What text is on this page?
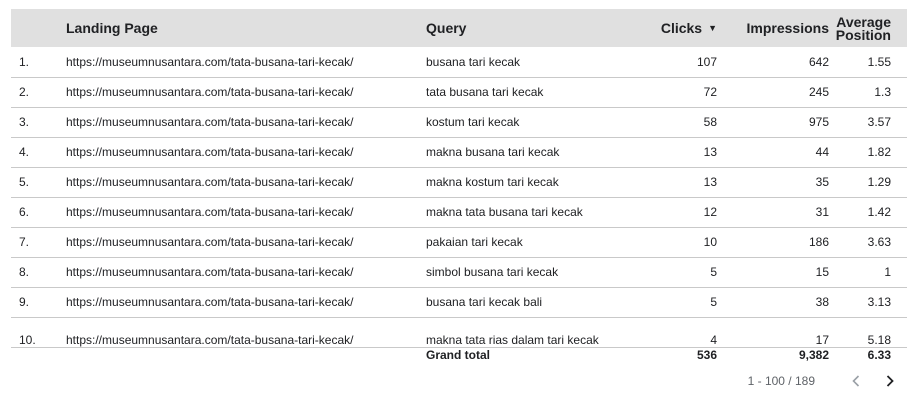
	Landing Page	Query	Clicks ▼	Impressions	Average
Position	
1.	https://museumnusantara.com/tata-busana-tari-kecak/	busana tari kecak	107	642	1.55	
2.	https://museumnusantara.com/tata-busana-tari-kecak/	tata busana tari kecak	72	245	1.3	
3.	https://museumnusantara.com/tata-busana-tari-kecak/	kostum tari kecak	58	975	3.57	
4.	https://museumnusantara.com/tata-busana-tari-kecak/	makna busana tari kecak	13	44	1.82	
5.	https://museumnusantara.com/tata-busana-tari-kecak/	makna kostum tari kecak	13	35	1.29	
6.	https://museumnusantara.com/tata-busana-tari-kecak/	makna tata busana tari kecak	12	31	1.42	
7.	https://museumnusantara.com/tata-busana-tari-kecak/	pakaian tari kecak	10	186	3.63	
8.	https://museumnusantara.com/tata-busana-tari-kecak/	simbol busana tari kecak	5	15	1	
9.	https://museumnusantara.com/tata-busana-tari-kecak/	busana tari kecak bali	5	38	3.13	
10.	https://museumnusantara.com/tata-busana-tari-kecak/	makna tata rias dalam tari kecak	4	17	5.18	
		Grand total	536	9,382	6.33	
1 - 100 / 189
